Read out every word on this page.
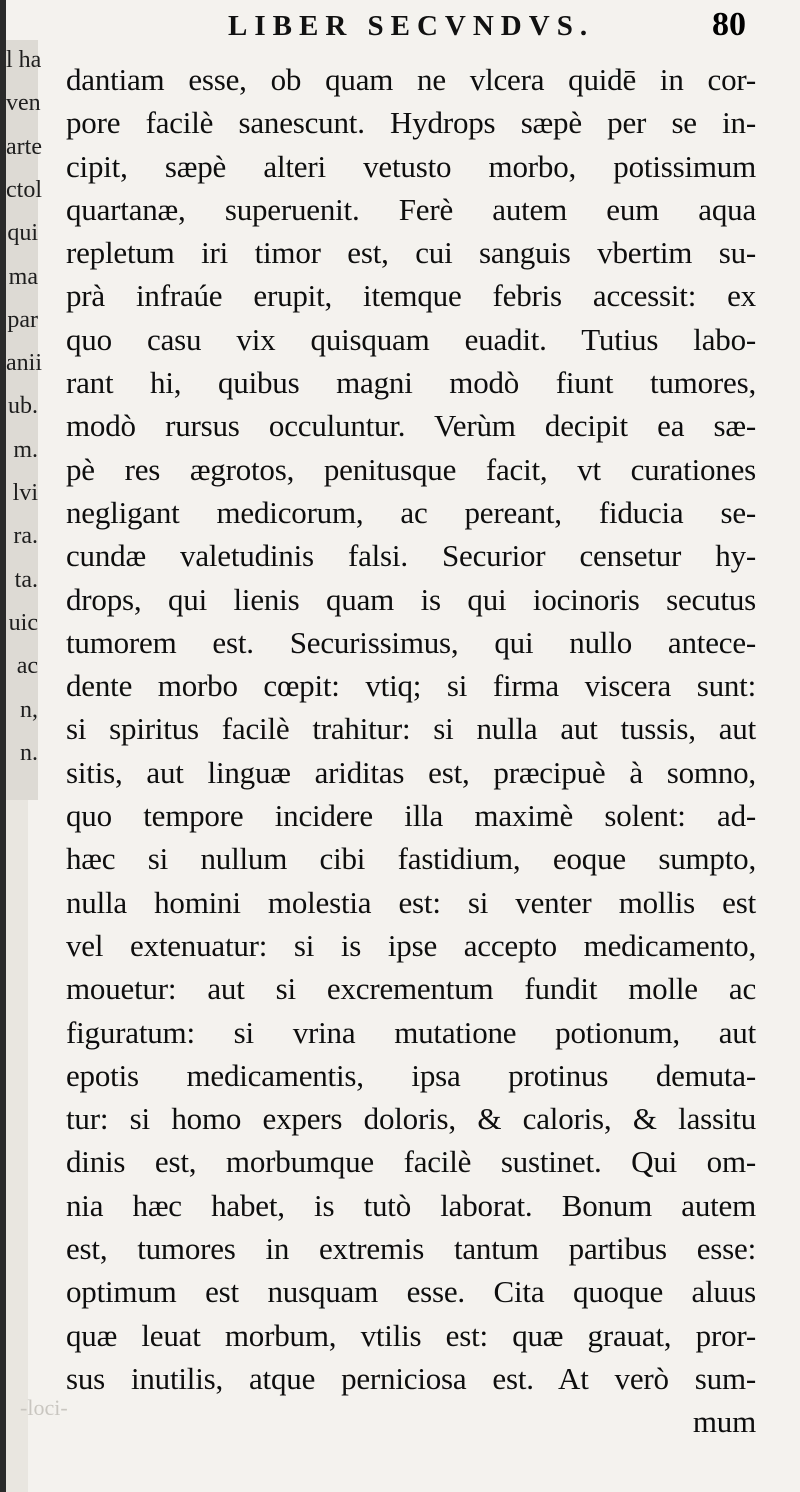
l ha
ven
arte
ctol
qui
ma
par
anii
ub.
m.
lvi
ra.
ta.
uic
ac
n,
n.
LIBER SECVNDVS.	80
dantiam esse, ob quam ne vlcera quidē in cor-
pore facilè sanescunt. Hydrops sæpè per se in-
cipit, sæpè alteri vetusto morbo, potissimum
quartanæ, superuenit. Ferè autem eum aqua
repletum iri timor est, cui sanguis vbertim su-
prà infraúe erupit, itemque febris accessit: ex
quo casu vix quisquam euadit. Tutius labo-
rant hi, quibus magni modò fiunt tumores,
modò rursus occuluntur. Verùm decipit ea sæ-
pè res ægrotos, penitusque facit, vt curationes
negligant medicorum, ac pereant, fiducia se-
cundæ valetudinis falsi. Securior censetur hy-
drops, qui lienis quam is qui iocinoris secutus
tumorem est. Securissimus, qui nullo antece-
dente morbo cœpit: vtiq; si firma viscera sunt:
si spiritus facilè trahitur: si nulla aut tussis, aut
sitis, aut linguæ ariditas est, præcipuè à somno,
quo tempore incidere illa maximè solent: ad-
hæc si nullum cibi fastidium, eoque sumpto,
nulla homini molestia est: si venter mollis est
vel extenuatur: si is ipse accepto medicamento,
mouetur: aut si excrementum fundit molle ac
figuratum: si vrina mutatione potionum, aut
epotis medicamentis, ipsa protinus demuta-
tur: si homo expers doloris, & caloris, & lassitu
dinis est, morbumque facilè sustinet. Qui om-
nia hæc habet, is tutò laborat. Bonum autem
est, tumores in extremis tantum partibus esse:
optimum est nusquam esse. Cita quoque aluus
quæ leuat morbum, vtilis est: quæ grauat, pror-
sus inutilis, atque perniciosa est. At verò sum-
mum
-loci-
